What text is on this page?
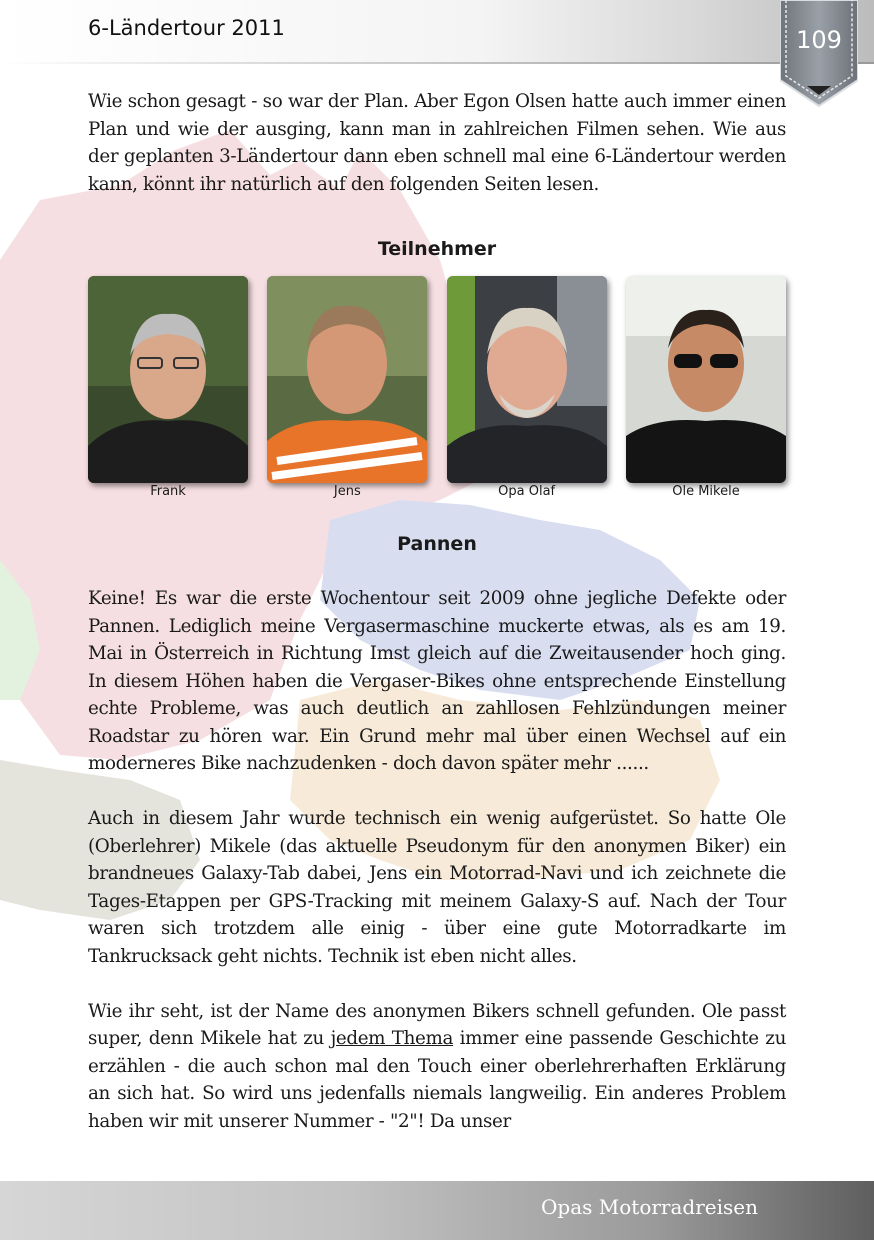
6-Ländertour 2011	109

Wie schon gesagt - so war der Plan. Aber Egon Olsen hatte auch immer einen Plan und wie der ausging, kann man in zahlreichen Filmen sehen. Wie aus der geplanten 3-Ländertour dann eben schnell mal eine 6-Ländertour werden kann, könnt ihr natürlich auf den folgenden Seiten lesen.

Teilnehmer
Frank	Jens	Opa Olaf	Ole Mikele
Pannen

Keine! Es war die erste Wochentour seit 2009 ohne jegliche Defekte oder Pannen. Lediglich meine Vergasermaschine muckerte etwas, als es am 19. Mai in Österreich in Richtung Imst gleich auf die Zweitausender hoch ging. In diesem Höhen haben die Vergaser-Bikes ohne entsprechende Einstellung echte Probleme, was auch deutlich an zahllosen Fehlzündungen meiner Roadstar zu hören war. Ein Grund mehr mal über einen Wechsel auf ein moderneres Bike nachzudenken - doch davon später mehr ......

Auch in diesem Jahr wurde technisch ein wenig aufgerüstet. So hatte Ole (Oberlehrer) Mikele (das aktuelle Pseudonym für den anonymen Biker) ein brandneues Galaxy-Tab dabei, Jens ein Motorrad-Navi und ich zeichnete die Tages-Etappen per GPS-Tracking mit meinem Galaxy-S auf. Nach der Tour waren sich trotzdem alle einig - über eine gute Motorradkarte im Tankrucksack geht nichts. Technik ist eben nicht alles.

Wie ihr seht, ist der Name des anonymen Bikers schnell gefunden. Ole passt super, denn Mikele hat zu jedem Thema immer eine passende Geschichte zu erzählen - die auch schon mal den Touch einer oberlehrerhaften Erklärung an sich hat. So wird uns jedenfalls niemals langweilig. Ein anderes Problem haben wir mit unserer Nummer - "2"! Da unser

Opas Motorradreisen
